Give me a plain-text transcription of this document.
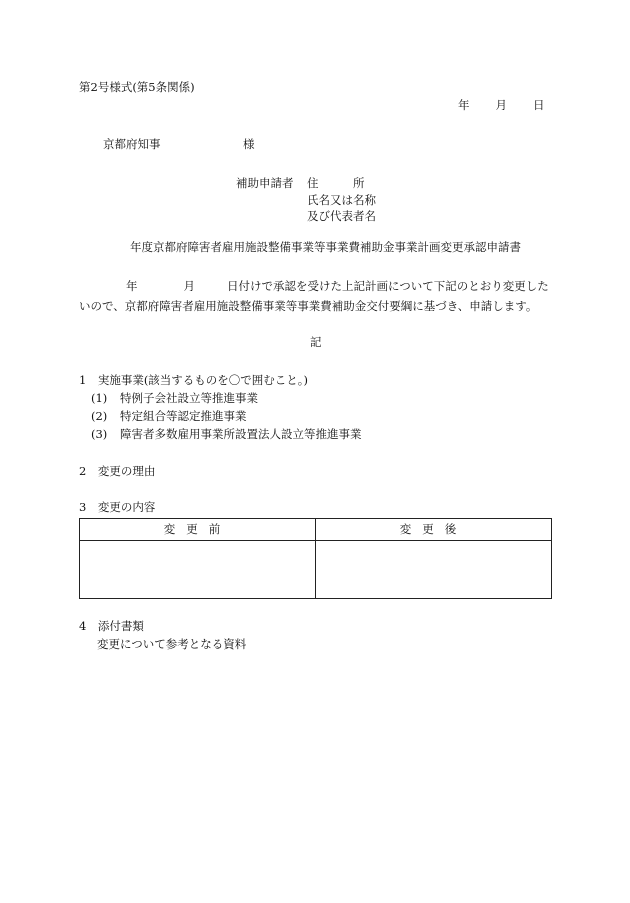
第2号様式(第5条関係)
年 月 日
京都府知事	様
補助申請者 住　　　所
氏名又は名称
及び代表者名
年度京都府障害者雇用施設整備事業等事業費補助金事業計画変更承認申請書
年	月	日付けで承認を受けた上記計画について下記のとおり変更した
いので、京都府障害者雇用施設整備事業等事業費補助金交付要綱に基づき、申請します。
記
1　実施事業(該当するものを〇で囲むこと。)
(1) 特例子会社設立等推進事業
(2) 特定組合等認定推進事業
(3) 障害者多数雇用事業所設置法人設立等推進事業
2　変更の理由
3　変更の内容
変更前	変更後

4　添付書類
変更について参考となる資料
